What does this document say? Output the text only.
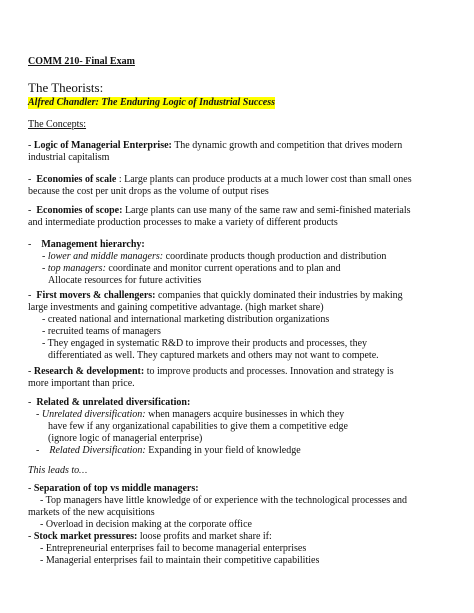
COMM 210- Final Exam
The Theorists:
Alfred Chandler: The Enduring Logic of Industrial Success
The Concepts:
- Logic of Managerial Enterprise: The dynamic growth and competition that drives modern
industrial capitalism
-  Economies of scale : Large plants can produce products at a much lower cost than small ones
because the cost per unit drops as the volume of output rises
-  Economies of scope: Large plants can use many of the same raw and semi-finished materials
and intermediate production processes to make a variety of different products
-    Management hierarchy:
- lower and middle managers: coordinate products though production and distribution
- top managers: coordinate and monitor current operations and to plan and
Allocate resources for future activities
-  First movers & challengers: companies that quickly dominated their industries by making
large investments and gaining competitive advantage. (high market share)
- created national and international marketing distribution organizations
- recruited teams of managers
- They engaged in systematic R&D to improve their products and processes, they
differentiated as well. They captured markets and others may not want to compete.
- Research & development: to improve products and processes. Innovation and strategy is
more important than price.
-  Related & unrelated diversification:
- Unrelated diversification: when managers acquire businesses in which they
have few if any organizational capabilities to give them a competitive edge
(ignore logic of managerial enterprise)
-    Related Diversification: Expanding in your field of knowledge
This leads to…
- Separation of top vs middle managers:
- Top managers have little knowledge of or experience with the technological processes and
markets of the new acquisitions
- Overload in decision making at the corporate office
- Stock market pressures: loose profits and market share if:
- Entrepreneurial enterprises fail to become managerial enterprises
- Managerial enterprises fail to maintain their competitive capabilities
